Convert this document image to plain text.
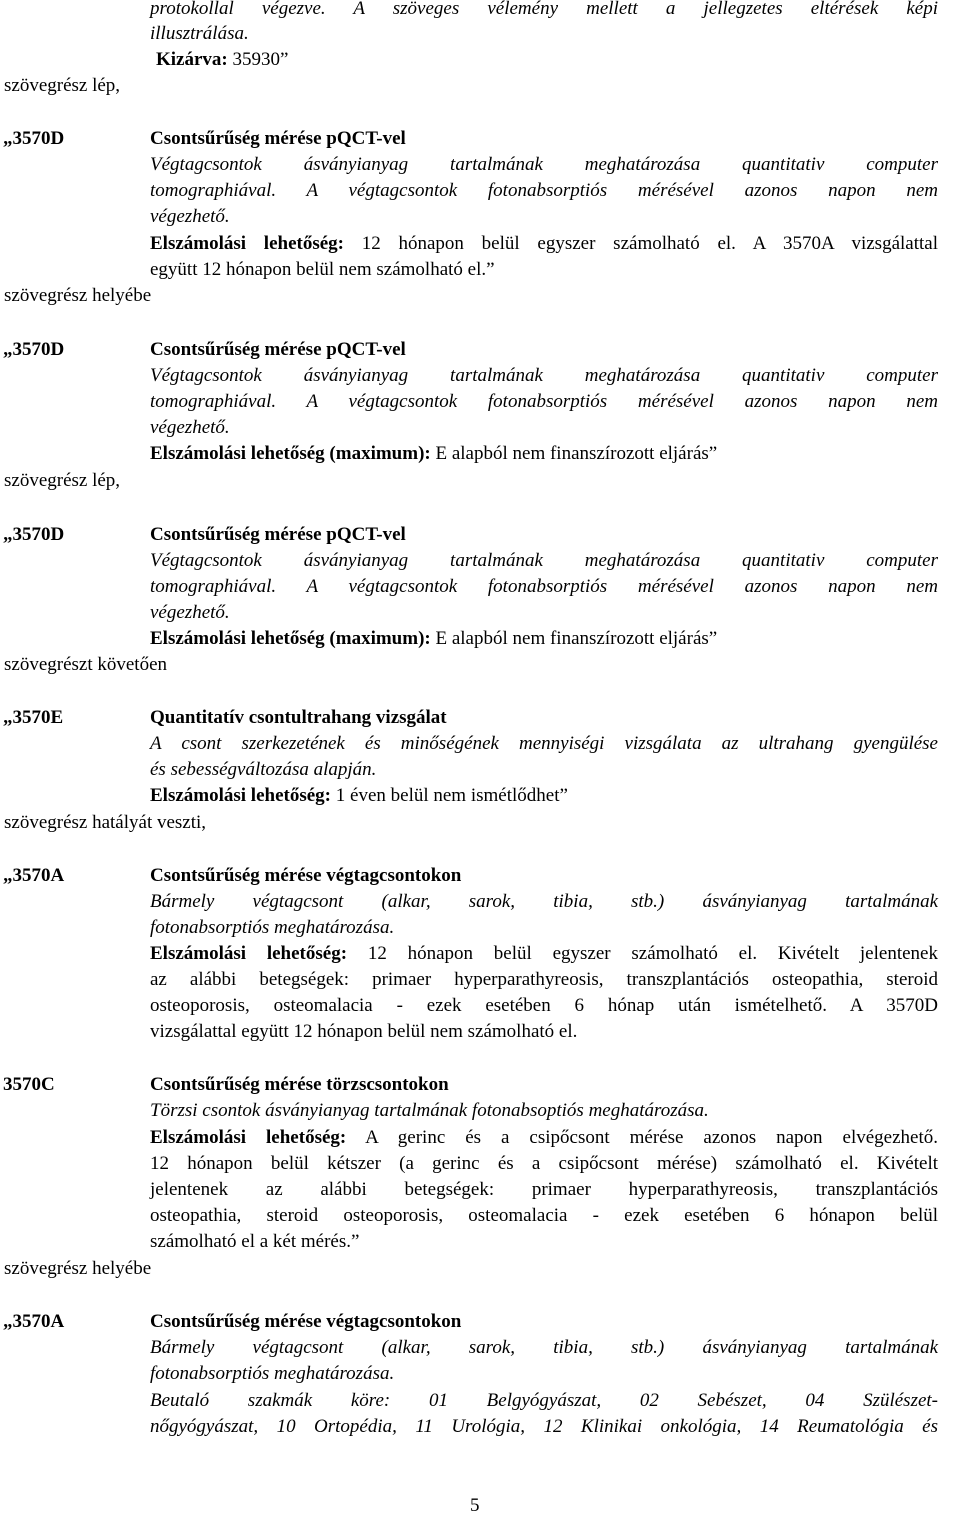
protokollal végezve. A szöveges vélemény mellett a jellegzetes eltérések képi
illusztrálása.
Kizárva: 35930”
szövegrész lép,
„3570D	Csontsűrűség mérése pQCT-vel
Végtagcsontok ásványianyag tartalmának meghatározása quantitativ computer
tomographiával. A végtagcsontok fotonabsorptiós mérésével azonos napon nem
végezhető.
Elszámolási lehetőség: 12 hónapon belül egyszer számolható el. A 3570A vizsgálattal
együtt 12 hónapon belül nem számolható el.”
szövegrész helyébe
„3570D	Csontsűrűség mérése pQCT-vel
Végtagcsontok ásványianyag tartalmának meghatározása quantitativ computer
tomographiával. A végtagcsontok fotonabsorptiós mérésével azonos napon nem
végezhető.
Elszámolási lehetőség (maximum): E alapból nem finanszírozott eljárás”
szövegrész lép,
„3570D	Csontsűrűség mérése pQCT-vel
Végtagcsontok ásványianyag tartalmának meghatározása quantitativ computer
tomographiával. A végtagcsontok fotonabsorptiós mérésével azonos napon nem
végezhető.
Elszámolási lehetőség (maximum): E alapból nem finanszírozott eljárás”
szövegrészt követően
„3570E	Quantitatív csontultrahang vizsgálat
A csont szerkezetének és minőségének mennyiségi vizsgálata az ultrahang gyengülése
és sebességváltozása alapján.
Elszámolási lehetőség: 1 éven belül nem ismétlődhet”
szövegrész hatályát veszti,
„3570A	Csontsűrűség mérése végtagcsontokon
Bármely végtagcsont (alkar, sarok, tibia, stb.) ásványianyag tartalmának
fotonabsorptiós meghatározása.
Elszámolási lehetőség: 12 hónapon belül egyszer számolható el. Kivételt jelentenek
az alábbi betegségek: primaer hyperparathyreosis, transzplantációs osteopathia, steroid
osteoporosis, osteomalacia - ezek esetében 6 hónap után ismételhető. A 3570D
vizsgálattal együtt 12 hónapon belül nem számolható el.
3570C	Csontsűrűség mérése törzscsontokon
Törzsi csontok ásványianyag tartalmának fotonabsoptiós meghatározása.
Elszámolási lehetőség: A gerinc és a csipőcsont mérése azonos napon elvégezhető.
12 hónapon belül kétszer (a gerinc és a csipőcsont mérése) számolható el. Kivételt
jelentenek az alábbi betegségek: primaer hyperparathyreosis, transzplantációs
osteopathia, steroid osteoporosis, osteomalacia - ezek esetében 6 hónapon belül
számolható el a két mérés.”
szövegrész helyébe
„3570A	Csontsűrűség mérése végtagcsontokon
Bármely végtagcsont (alkar, sarok, tibia, stb.) ásványianyag tartalmának
fotonabsorptiós meghatározása.
Beutaló szakmák köre: 01 Belgyógyászat, 02 Sebészet, 04 Szülészet-
nőgyógyászat, 10 Ortopédia, 11 Urológia, 12 Klinikai onkológia, 14 Reumatológia és
5
